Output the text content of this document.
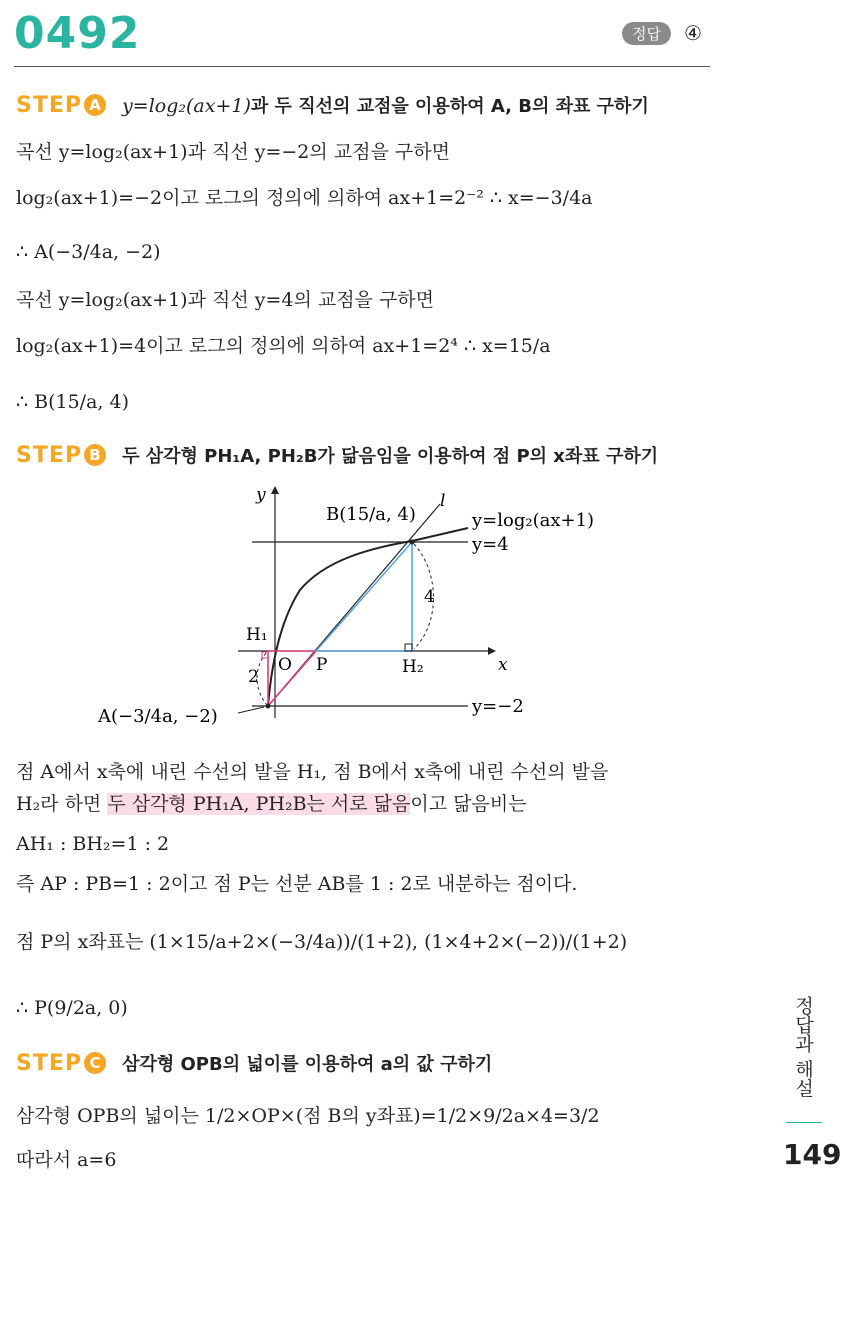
0492	정답	④
STEP A y=log₂(ax+1)과 두 직선의 교점을 이용하여 A, B의 좌표 구하기
곡선 y=log₂(ax+1)과 직선 y=−2의 교점을 구하면
log₂(ax+1)=−2이고 로그의 정의에 의하여 ax+1=2⁻² ∴ x=−3/4a
∴ A(−3/4a, −2)
곡선 y=log₂(ax+1)과 직선 y=4의 교점을 구하면
log₂(ax+1)=4이고 로그의 정의에 의하여 ax+1=2⁴ ∴ x=15/a
∴ B(15/a, 4)
STEP B 두 삼각형 PH₁A, PH₂B가 닮음임을 이용하여 점 P의 x좌표 구하기
y
x
B(15/a, 4)
l
y=log₂(ax+1)
y=4
4
H₁
O P	H₂
2
A(−3/4a, −2)	y=−2
점 A에서 x축에 내린 수선의 발을 H₁, 점 B에서 x축에 내린 수선의 발을
H₂라 하면 두 삼각형 PH₁A, PH₂B는 서로 닮음이고 닮음비는
AH₁ : BH₂=1 : 2
즉 AP : PB=1 : 2이고 점 P는 선분 AB를 1 : 2로 내분하는 점이다.
점 P의 x좌표는 (1×15/a+2×(−3/4a))/(1+2), (1×4+2×(−2))/(1+2)
∴ P(9/2a, 0)
STEP C 삼각형 OPB의 넓이를 이용하여 a의 값 구하기
삼각형 OPB의 넓이는 1/2×OP×(점 B의 y좌표)=1/2×9/2a×4=3/2
따라서 a=6
정답과 해설
149
